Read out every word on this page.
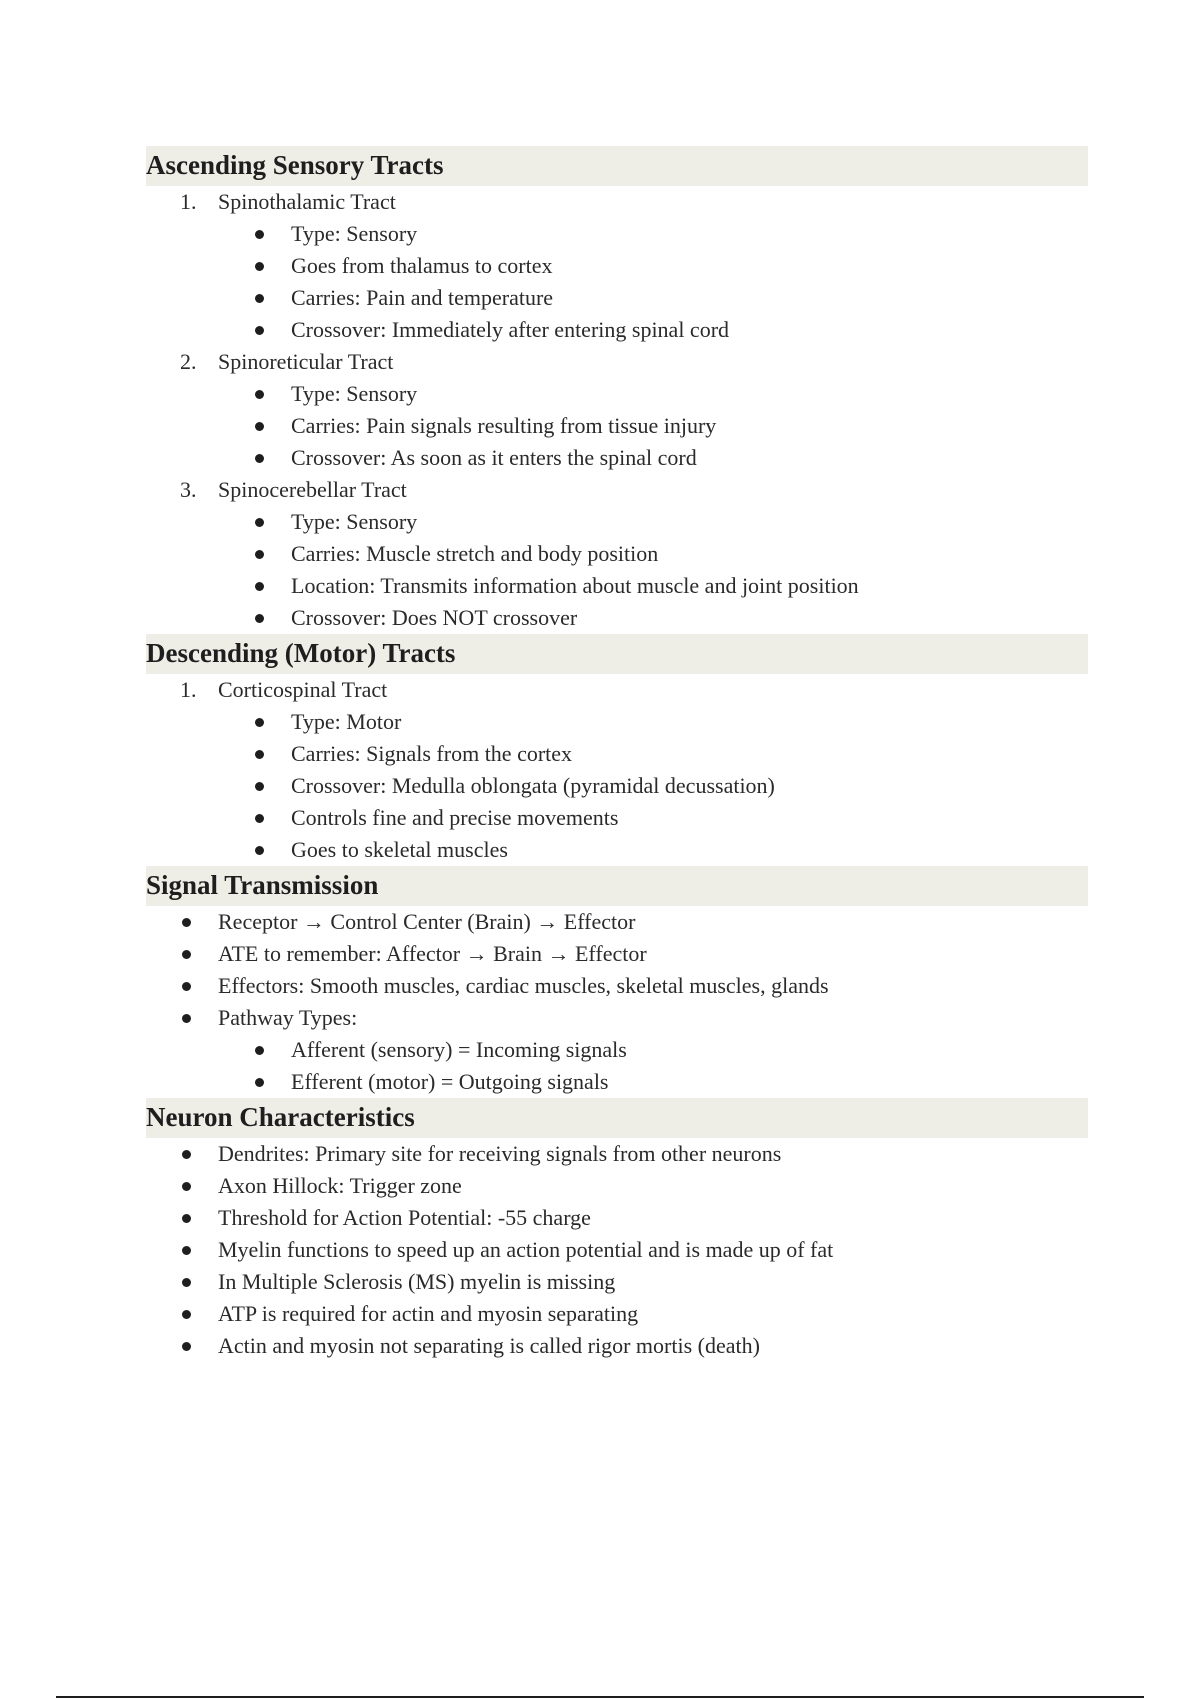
Ascending Sensory Tracts
1. Spinothalamic Tract
Type: Sensory
Goes from thalamus to cortex
Carries: Pain and temperature
Crossover: Immediately after entering spinal cord
2. Spinoreticular Tract
Type: Sensory
Carries: Pain signals resulting from tissue injury
Crossover: As soon as it enters the spinal cord
3. Spinocerebellar Tract
Type: Sensory
Carries: Muscle stretch and body position
Location: Transmits information about muscle and joint position
Crossover: Does NOT crossover
Descending (Motor) Tracts
1. Corticospinal Tract
Type: Motor
Carries: Signals from the cortex
Crossover: Medulla oblongata (pyramidal decussation)
Controls fine and precise movements
Goes to skeletal muscles
Signal Transmission
Receptor → Control Center (Brain) → Effector
ATE to remember: Affector → Brain → Effector
Effectors: Smooth muscles, cardiac muscles, skeletal muscles, glands
Pathway Types:
Afferent (sensory) = Incoming signals
Efferent (motor) = Outgoing signals
Neuron Characteristics
Dendrites: Primary site for receiving signals from other neurons
Axon Hillock: Trigger zone
Threshold for Action Potential: -55 charge
Myelin functions to speed up an action potential and is made up of fat
In Multiple Sclerosis (MS) myelin is missing
ATP is required for actin and myosin separating
Actin and myosin not separating is called rigor mortis (death)
